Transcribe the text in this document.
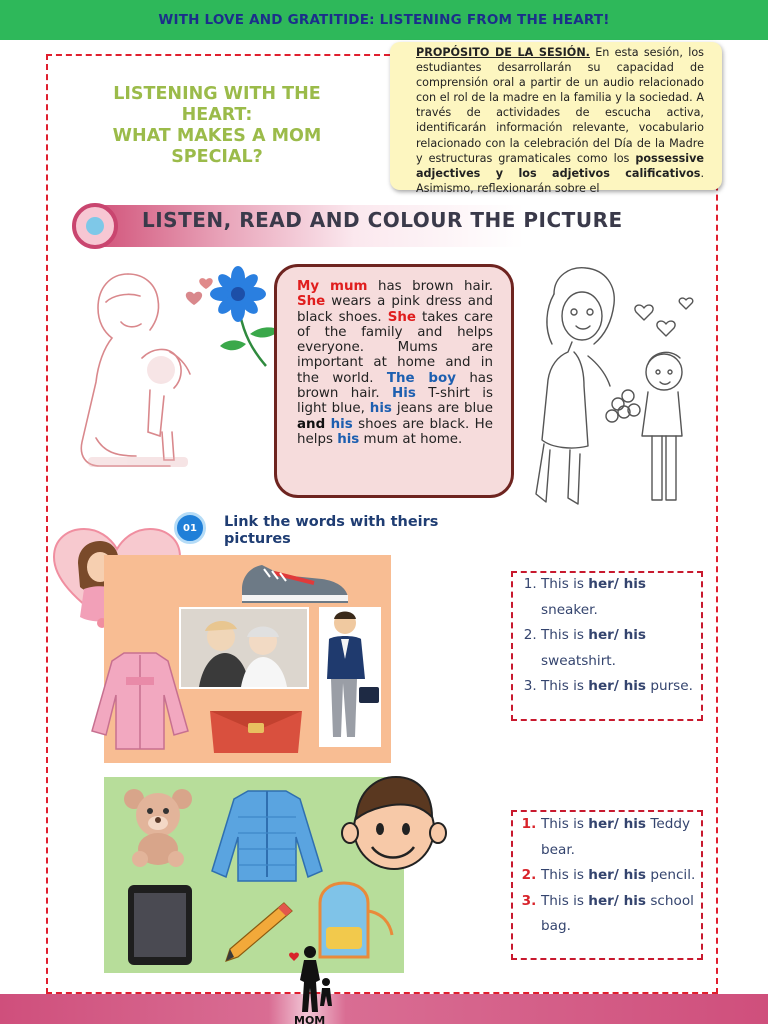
WITH LOVE AND GRATITIDE: LISTENING FROM THE HEART!
LISTENING WITH THE
HEART:
WHAT MAKES A MOM
SPECIAL?

PROPÓSITO DE LA SESIÓN. En esta sesión, los estudiantes desarrollarán su capacidad de comprensión oral a partir de un audio relacionado con el rol de la madre en la familia y la sociedad. A través de actividades de escucha activa, identificarán información relevante, vocabulario relacionado con la celebración del Día de la Madre y estructuras gramaticales como los possessive adjectives y los adjetivos calificativos. Asimismo, reflexionarán sobre el

LISTEN, READ AND COLOUR THE PICTURE
My mum has brown hair. She wears a pink dress and black shoes. She takes care of the family and helps everyone. Mums are important at home and in the world. The boy has brown hair. His T-shirt is light blue, his jeans are blue and his shoes are black. He helps his mum at home.
01	Link the words with theirs pictures
1. This is her/ his sneaker.
2. This is her/ his sweatshirt.
3. This is her/ his purse.
1. This is her/ his Teddy bear.
2. This is her/ his pencil.
3. This is her/ his school bag.
MOM
